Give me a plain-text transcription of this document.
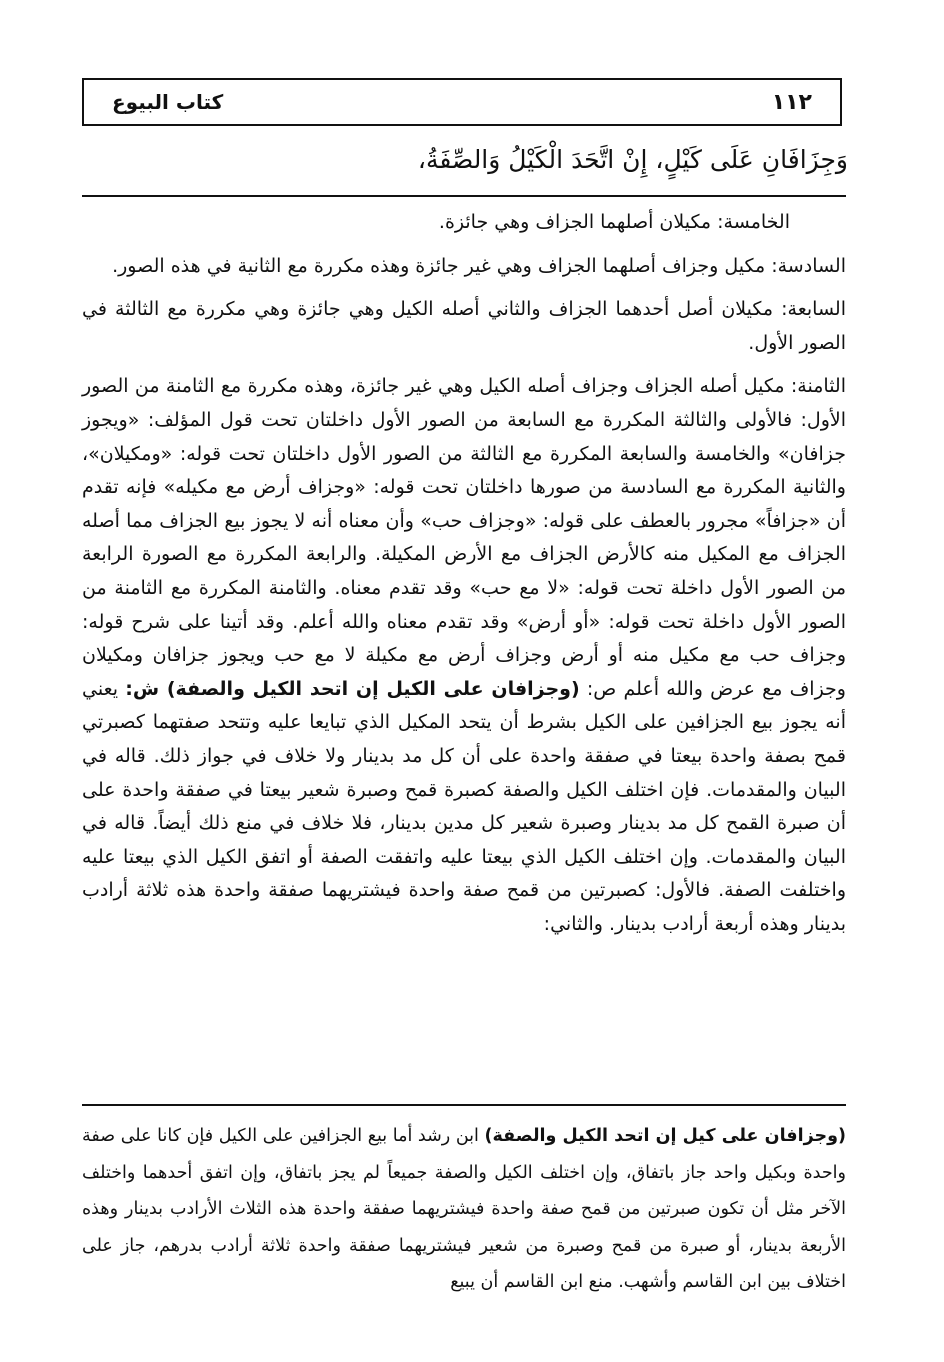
١١٢
كتاب البيوع
وَجِزَافَانِ عَلَى كَيْلٍ، إِنْ اتَّحَدَ الْكَيْلُ وَالصِّفَةُ،

الخامسة: مكيلان أصلهما الجزاف وهي جائزة.

السادسة: مكيل وجزاف أصلهما الجزاف وهي غير جائزة وهذه مكررة مع الثانية في هذه الصور.

السابعة: مكيلان أصل أحدهما الجزاف والثاني أصله الكيل وهي جائزة وهي مكررة مع الثالثة في الصور الأول.

الثامنة: مكيل أصله الجزاف وجزاف أصله الكيل وهي غير جائزة، وهذه مكررة مع الثامنة من الصور الأول: فالأولى والثالثة المكررة مع السابعة من الصور الأول داخلتان تحت قول المؤلف: «ويجوز جزافان» والخامسة والسابعة المكررة مع الثالثة من الصور الأول داخلتان تحت قوله: «ومكيلان»، والثانية المكررة مع السادسة من صورها داخلتان تحت قوله: «وجزاف أرض مع مكيله» فإنه تقدم أن «جزافاً» مجرور بالعطف على قوله: «وجزاف حب» وأن معناه أنه لا يجوز بيع الجزاف مما أصله الجزاف مع المكيل منه كالأرض الجزاف مع الأرض المكيلة. والرابعة المكررة مع الصورة الرابعة من الصور الأول داخلة تحت قوله: «لا مع حب» وقد تقدم معناه. والثامنة المكررة مع الثامنة من الصور الأول داخلة تحت قوله: «أو أرض» وقد تقدم معناه والله أعلم. وقد أتينا على شرح قوله: وجزاف حب مع مكيل منه أو أرض وجزاف أرض مع مكيلة لا مع حب ويجوز جزافان ومكيلان وجزاف مع عرض والله أعلم ص: (وجزافان على الكيل إن اتحد الكيل والصفة) ش: يعني أنه يجوز بيع الجزافين على الكيل بشرط أن يتحد المكيل الذي تبايعا عليه وتتحد صفتهما كصبرتي قمح بصفة واحدة بيعتا في صفقة واحدة على أن كل مد بدينار ولا خلاف في جواز ذلك. قاله في البيان والمقدمات. فإن اختلف الكيل والصفة كصبرة قمح وصبرة شعير بيعتا في صفقة واحدة على أن صبرة القمح كل مد بدينار وصبرة شعير كل مدين بدينار، فلا خلاف في منع ذلك أيضاً. قاله في البيان والمقدمات. وإن اختلف الكيل الذي بيعتا عليه واتفقت الصفة أو اتفق الكيل الذي بيعتا عليه واختلفت الصفة. فالأول: كصبرتين من قمح صفة واحدة فيشتريهما صفقة واحدة هذه ثلاثة أرادب بدينار وهذه أربعة أرادب بدينار. والثاني:

(وجزافان على كيل إن اتحد الكيل والصفة) ابن رشد أما بيع الجزافين على الكيل فإن كانا على صفة واحدة وبكيل واحد جاز باتفاق، وإن اختلف الكيل والصفة جميعاً لم يجز باتفاق، وإن اتفق أحدهما واختلف الآخر مثل أن تكون صبرتين من قمح صفة واحدة فيشتريهما صفقة واحدة هذه الثلاث الأرادب بدينار وهذه الأربعة بدينار، أو صبرة من قمح وصبرة من شعير فيشتريهما صفقة واحدة ثلاثة أرادب بدرهم، جاز على اختلاف بين ابن القاسم وأشهب. منع ابن القاسم أن يبيع
